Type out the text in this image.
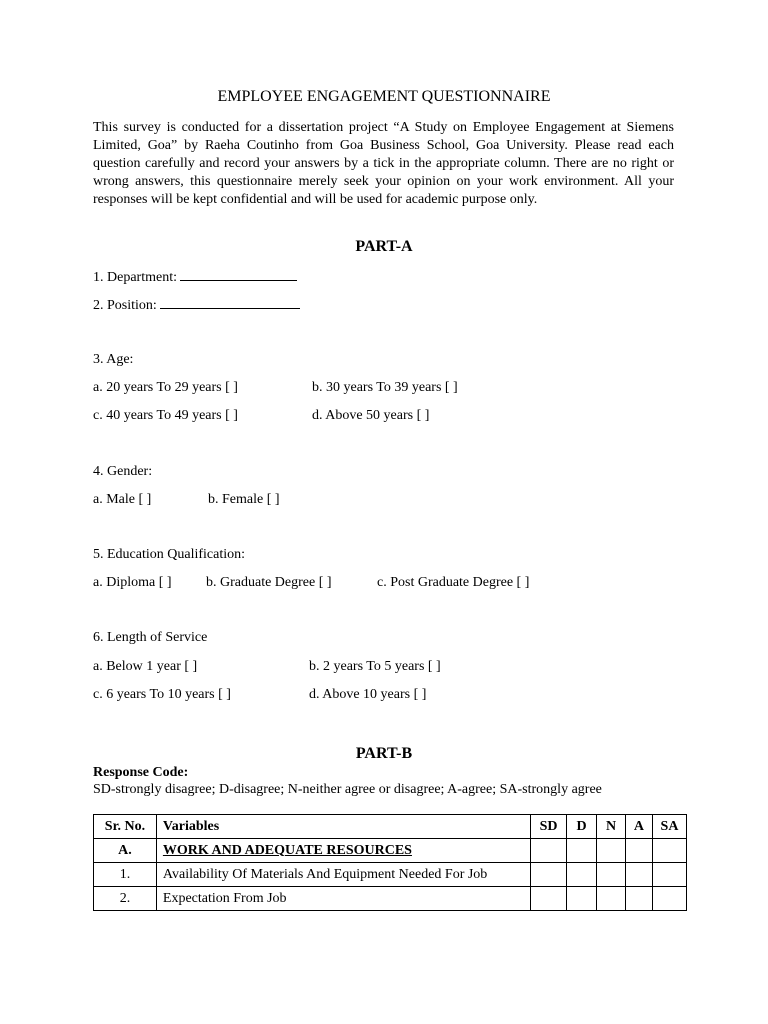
EMPLOYEE ENGAGEMENT QUESTIONNAIRE

This survey is conducted for a dissertation project “A Study on Employee Engagement at Siemens Limited, Goa” by Raeha Coutinho from Goa Business School, Goa University. Please read each question carefully and record your answers by a tick in the appropriate column. There are no right or wrong answers, this questionnaire merely seek your opinion on your work environment. All your responses will be kept confidential and will be used for academic purpose only.

PART-A
1. Department:
2. Position:
3. Age:
a. 20 years To 29 years [ ]	b. 30 years To 39 years [ ]
c. 40 years To 49 years [ ]	d. Above 50 years [ ]
4. Gender:
a. Male [ ]	b. Female [ ]
5. Education Qualification:
a. Diploma [ ] b. Graduate Degree [ ]	c. Post Graduate Degree [ ]
6. Length of Service
a. Below 1 year [ ]	b. 2 years To 5 years [ ]
c. 6 years To 10 years [ ]	d. Above 10 years [ ]
PART-B
Response Code:
SD-strongly disagree; D-disagree; N-neither agree or disagree; A-agree; SA-strongly agree
Sr. No.	Variables	SD	D	N	A	SA
A.	WORK AND ADEQUATE RESOURCES					
1.	Availability Of Materials And Equipment Needed For Job					
2.	Expectation From Job					
